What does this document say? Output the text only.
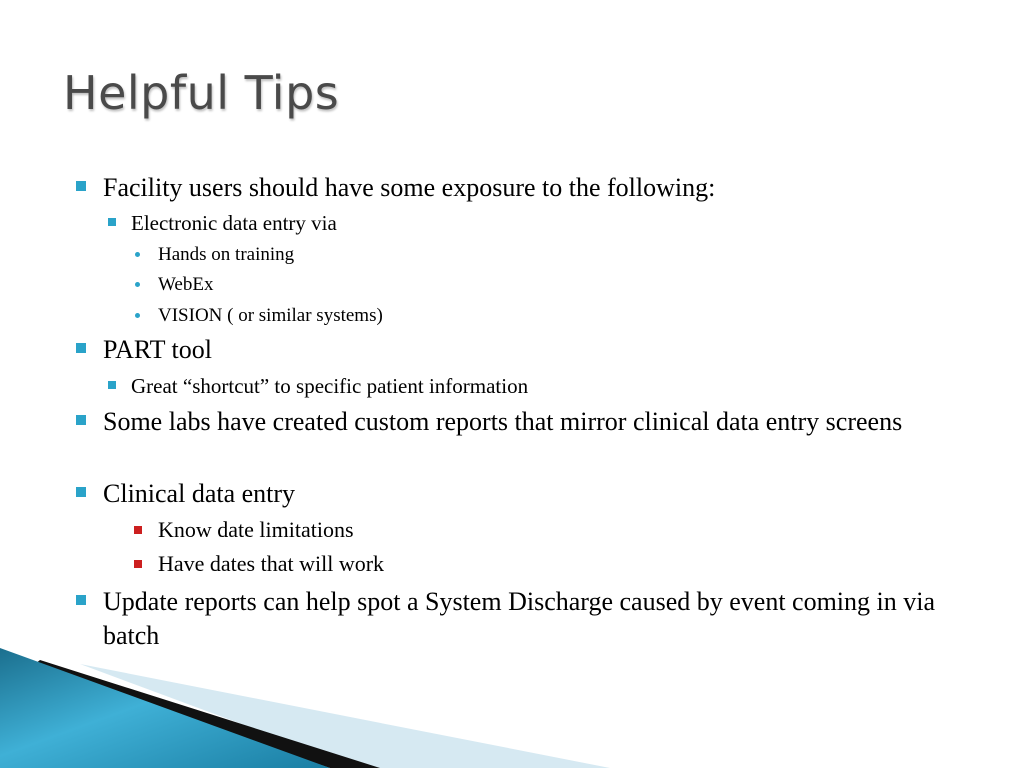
Helpful Tips
Facility users should have some exposure to the following:
Electronic data entry via
Hands on training
WebEx
VISION ( or similar systems)
PART tool
Great “shortcut” to specific patient information
Some labs have created custom reports that mirror clinical data entry screens
Clinical data entry
Know date limitations
Have dates that will work
Update reports can help spot a System Discharge caused by event coming in via batch
